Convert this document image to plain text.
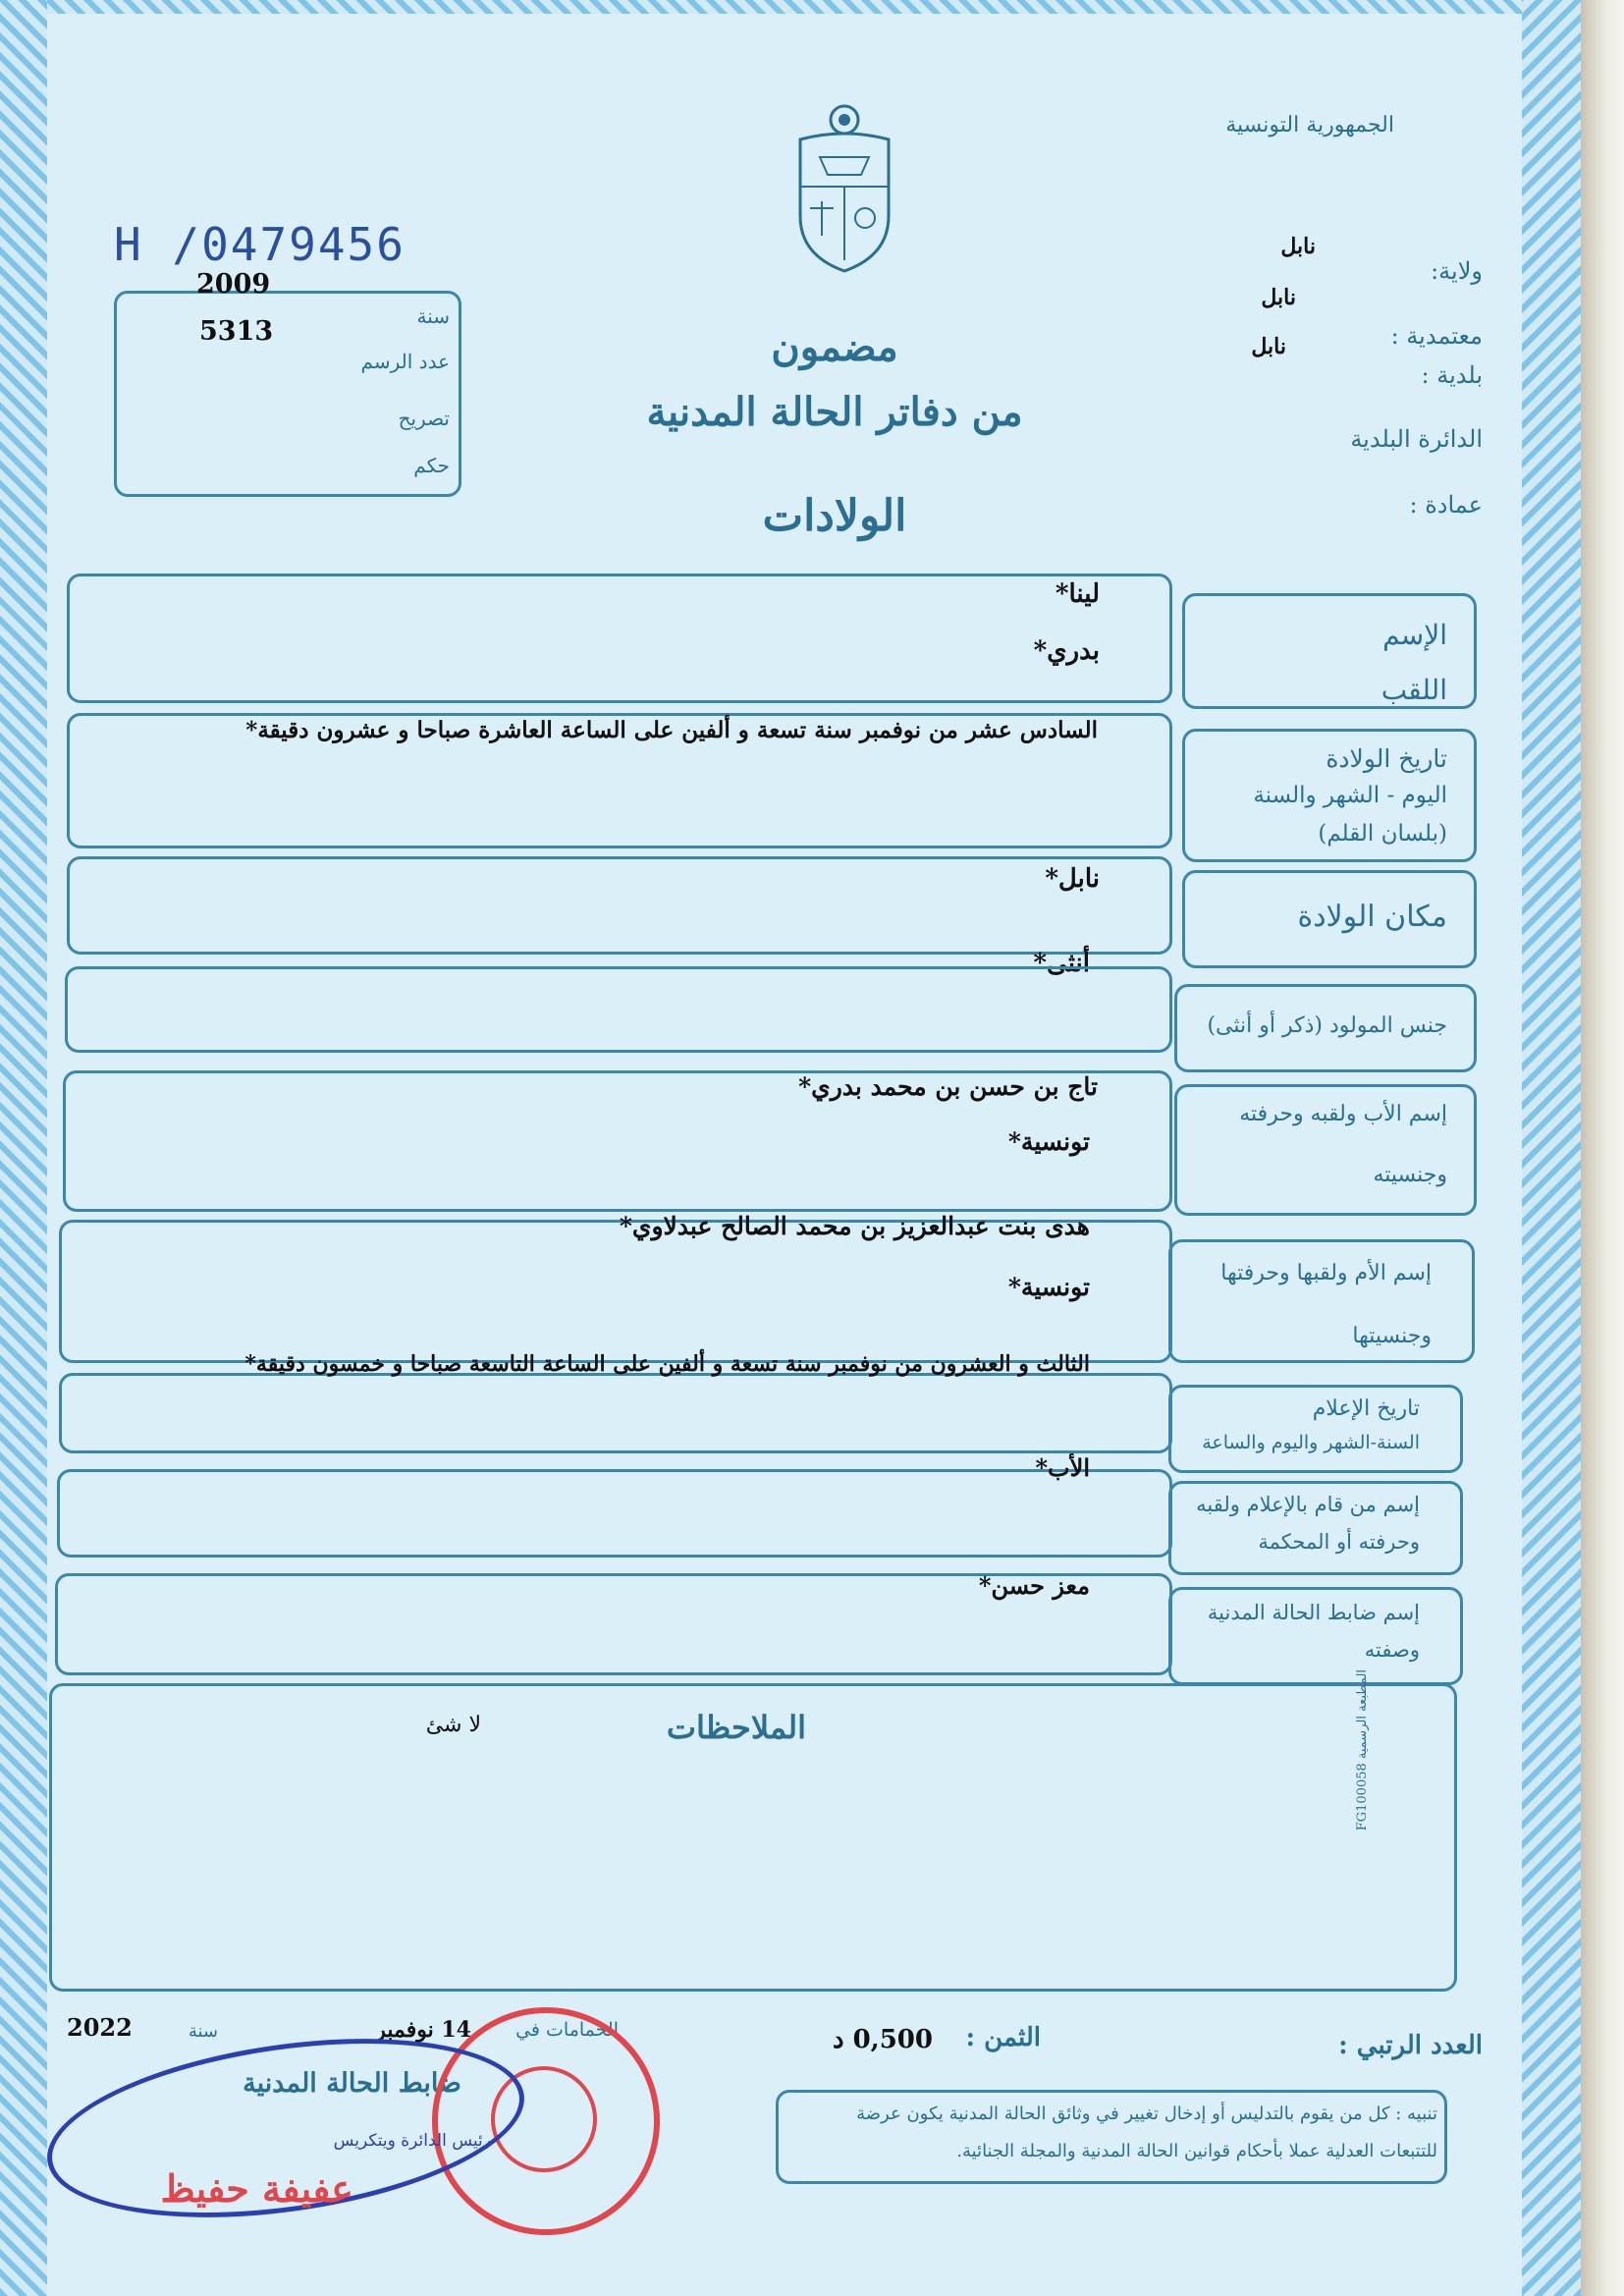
الجمهورية التونسية
ولاية:
نابل
معتمدية :
نابل
بلدية :
نابل
الدائرة البلدية
عمادة :
H /0479456
2009
5313	سنة
عدد الرسم
تصريح
حكم
مضمون
من دفاتر الحالة المدنية
الولادات
الإسم
اللقب
لينا*
بدري*
تاريخ الولادة
اليوم - الشهر والسنة
(بلسان القلم)
السادس عشر من نوفمبر سنة تسعة و ألفين على الساعة العاشرة صباحا و عشرون دقيقة*
مكان الولادة
نابل*
أنثى*
جنس المولود (ذكر أو أنثى)
إسم الأب ولقبه وحرفته
وجنسيته
تاج بن حسن بن محمد بدري*
تونسية*
إسم الأم ولقبها وحرفتها
وجنسيتها
هدى بنت عبدالعزيز بن محمد الصالح عبدلاوي*
تونسية*
تاريخ الإعلام
السنة-الشهر واليوم والساعة
الثالث و العشرون من نوفمبر سنة تسعة و ألفين على الساعة التاسعة صباحا و خمسون دقيقة*
إسم من قام بالإعلام ولقبه
وحرفته أو المحكمة
الأب*
إسم ضابط الحالة المدنية
وصفته
معز حسن*
الملاحظات
لا شئ
المطبعة الرسمية FG100058
العدد الرتبي :
الثمن :
0,500 د
الحمامات في
14 نوفمبر
سنة
2022
ضابط الحالة المدنية
تنبيه : كل من يقوم بالتدليس أو إدخال تغيير في وثائق الحالة المدنية يكون عرضة
للتتبعات العدلية عملا بأحكام قوانين الحالة المدنية والمجلة الجنائية.
رئيس الدائرة ويتكريس
عفيفة حفيظ
